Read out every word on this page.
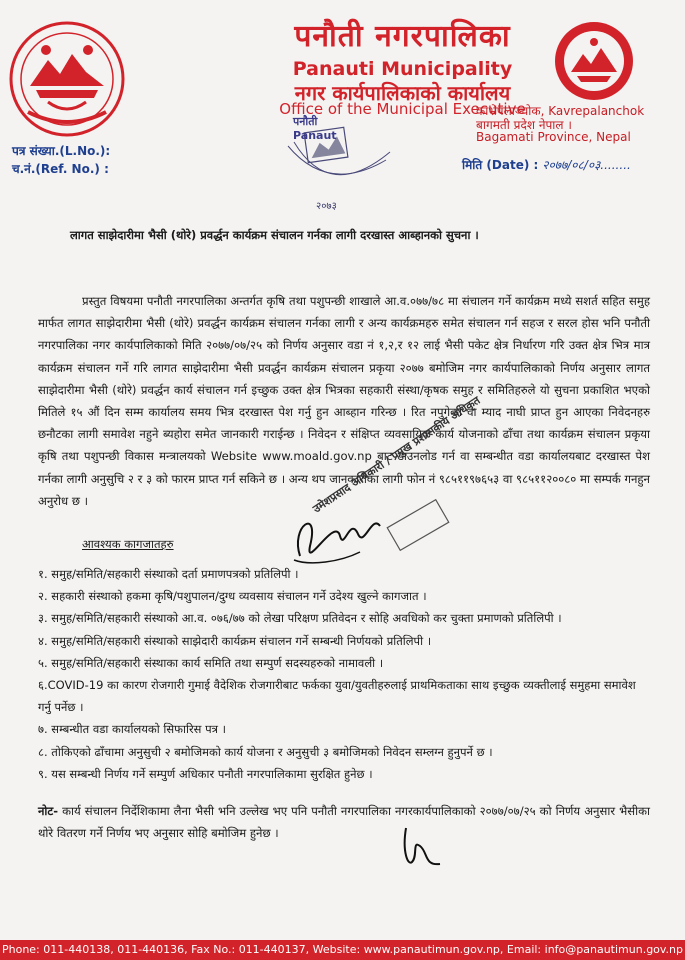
पनौती नगरपालिका
Panauti Municipality
नगर कार्यपालिकाको कार्यालय
Office of the Municipal Executive
काभ्रेपलाञ्चोक, Kavrepalanchok
बागमती प्रदेश नेपाल ।
Bagamati Province, Nepal
पत्र संख्या.(L.No.):
च.नं.(Ref. No.) :	मिति (Date) : २०७७/०८/०३........
पनौती
Panaut
२०७३
लागत साझेदारीमा भैसी (थोरे) प्रवर्द्धन कार्यक्रम संचालन गर्नका लागी दरखास्त आब्हानको सुचना ।

प्रस्तुत विषयमा पनौती नगरपालिका अन्तर्गत कृषि तथा पशुपन्छी शाखाले आ.व.०७७/७८ मा संचालन गर्ने कार्यक्रम मध्ये सशर्त सहित समुह मार्फत लागत साझेदारीमा भैसी (थोरे) प्रवर्द्धन कार्यक्रम संचालन गर्नका लागी र अन्य कार्यक्रमहरु समेत संचालन गर्न सहज र सरल होस भनि पनौती नगरपालिका नगर कार्यपालिकाको मिति २०७७/०७/२५ को निर्णय अनुसार वडा नं १,२,र १२ लाई भैसी पकेट क्षेत्र निर्धारण गरि उक्त क्षेत्र भित्र मात्र कार्यक्रम संचालन गर्ने गरि लागत साझेदारीमा भैसी प्रवर्द्धन कार्यक्रम संचालन प्रकृया २०७७ बमोजिम नगर कार्यपालिकाको निर्णय अनुसार लागत साझेदारीमा भैसी (थोरे) प्रवर्द्धन कार्य संचालन गर्न इच्छुक उक्त क्षेत्र भित्रका सहकारी संस्था/कृषक समुह र समितिहरुले यो सुचना प्रकाशित भएको मितिले १५ औं दिन सम्म कार्यालय समय भित्र दरखास्त पेश गर्नु हुन आब्हान गरिन्छ । रित नपुगेको वा म्याद नाघी प्राप्त हुन आएका निवेदनहरु छनौटका लागी समावेश नहुने ब्यहोरा समेत जानकारी गराईन्छ । निवेदन र संक्षिप्त व्यवसायिक कार्य योजनाको ढाँचा तथा कार्यक्रम संचालन प्रकृया कृषि तथा पशुपन्छी विकास मन्त्रालयको Website www.moald.gov.np बाट डाउनलोड गर्न वा सम्बन्धीत वडा कार्यालयबाट दरखास्त पेश गर्नका लागी अनुसुचि २ र ३ को फारम प्राप्त गर्न सकिने छ । अन्य थप जानकारीका लागी फोन नं ९८५११९७६५३ वा ९८५११२००८० मा सम्पर्क गनहुन अनुरोध छ ।	उमेशप्रसाद अधिकारी / प्रमुख प्रशासकीय अधिकृत
आवश्यक कागजातहरु
१. समुह/समिति/सहकारी संस्थाको दर्ता प्रमाणपत्रको प्रतिलिपी ।
२. सहकारी संस्थाको हकमा कृषि/पशुपालन/दुग्ध व्यवसाय संचालन गर्ने उदेश्य खुल्ने कागजात ।
३. समुह/समिति/सहकारी संस्थाको आ.व. ०७६/७७ को लेखा परिक्षण प्रतिवेदन र सोहि अवधिको कर चुक्ता प्रमाणको प्रतिलिपी ।
४. समुह/समिति/सहकारी संस्थाको साझेदारी कार्यक्रम संचालन गर्ने सम्बन्धी निर्णयको प्रतिलिपी ।
५. समुह/समिति/सहकारी संस्थाका कार्य समिति तथा सम्पुर्ण सदस्यहरुको नामावली ।
६.COVID-19 का कारण रोजगारी गुमाई वैदेशिक रोजगारीबाट फर्कका युवा/युवतीहरुलाई प्राथमिकताका साथ इच्छुक व्यक्तीलाई समुहमा समावेश गर्नु पर्नेछ ।
७. सम्बन्धीत वडा कार्यालयको सिफारिस पत्र ।
८. तोकिएको ढाँचामा अनुसुची २ बमोजिमको कार्य योजना र अनुसुची ३ बमोजिमको निवेदन सम्लग्न हुनुपर्ने छ ।
९. यस सम्बन्धी निर्णय गर्ने सम्पुर्ण अधिकार पनौती नगरपालिकामा सुरक्षित हुनेछ ।
नोट- कार्य संचालन निर्देशिकामा लैना भैसी भनि उल्लेख भए पनि पनौती नगरपालिका नगरकार्यपालिकाको २०७७/०७/२५ को निर्णय अनुसार भैसीका थोरे वितरण गर्ने निर्णय भए अनुसार सोहि बमोजिम हुनेछ ।
Phone: 011-440138, 011-440136, Fax No.: 011-440137, Website: www.panautimun.gov.np, Email: info@panautimun.gov.np
